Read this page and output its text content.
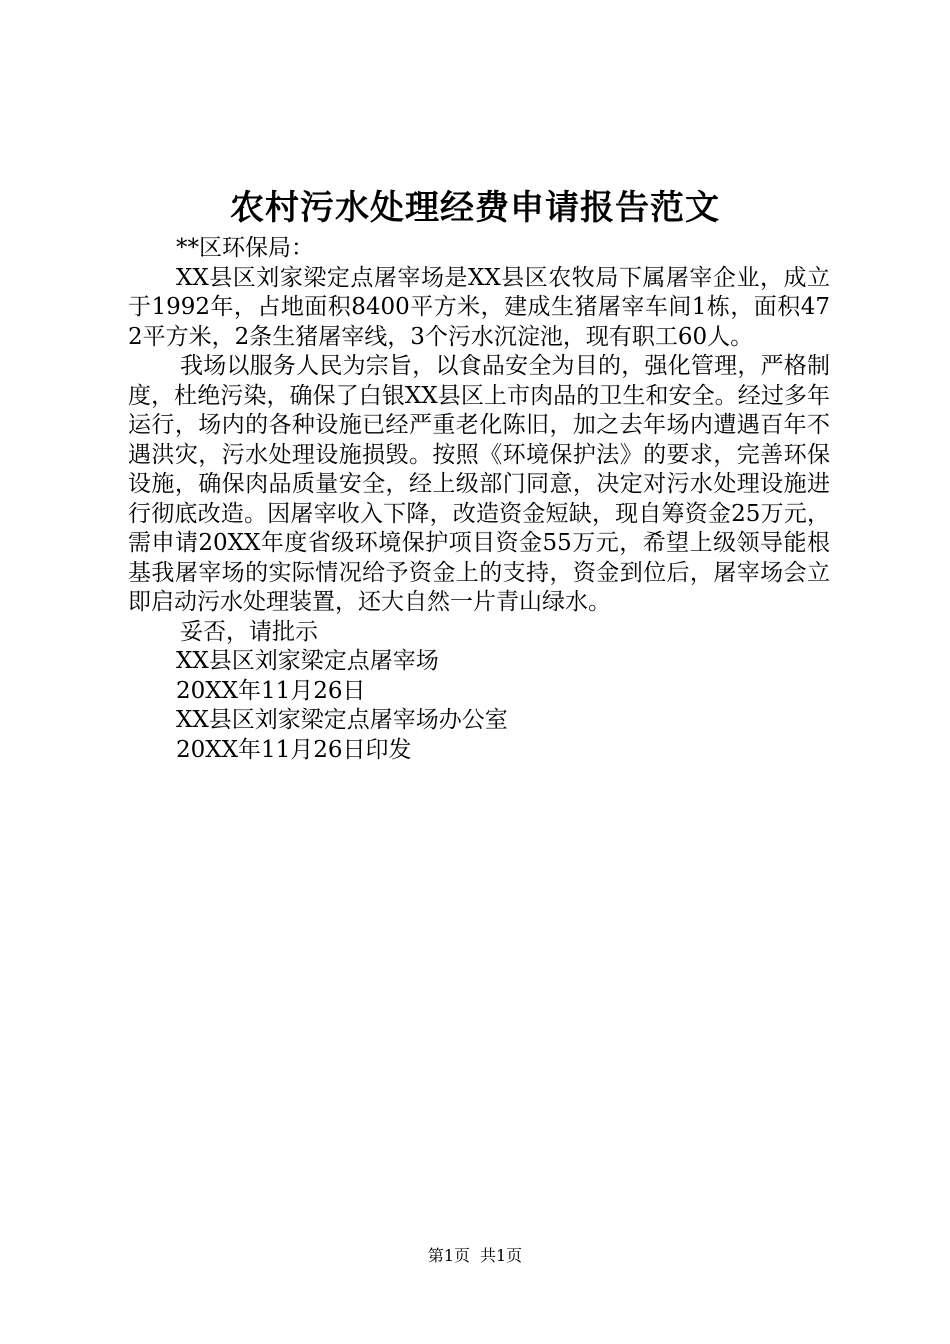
农村污水处理经费申请报告范文

**区环保局：

XX县区刘家梁定点屠宰场是XX县区农牧局下属屠宰企业，成立于1992年，占地面积8400平方米，建成生猪屠宰车间1栋，面积472平方米，2条生猪屠宰线，3个污水沉淀池，现有职工60人。

我场以服务人民为宗旨，以食品安全为目的，强化管理，严格制度，杜绝污染，确保了白银XX县区上市肉品的卫生和安全。经过多年运行，场内的各种设施已经严重老化陈旧，加之去年场内遭遇百年不遇洪灾，污水处理设施损毁。按照《环境保护法》的要求，完善环保设施，确保肉品质量安全，经上级部门同意，决定对污水处理设施进行彻底改造。因屠宰收入下降，改造资金短缺，现自筹资金25万元，需申请20XX年度省级环境保护项目资金55万元，希望上级领导能根基我屠宰场的实际情况给予资金上的支持，资金到位后，屠宰场会立即启动污水处理装置，还大自然一片青山绿水。

妥否，请批示

XX县区刘家梁定点屠宰场

20XX年11月26日

XX县区刘家梁定点屠宰场办公室

20XX年11月26日印发

第1页 共1页
